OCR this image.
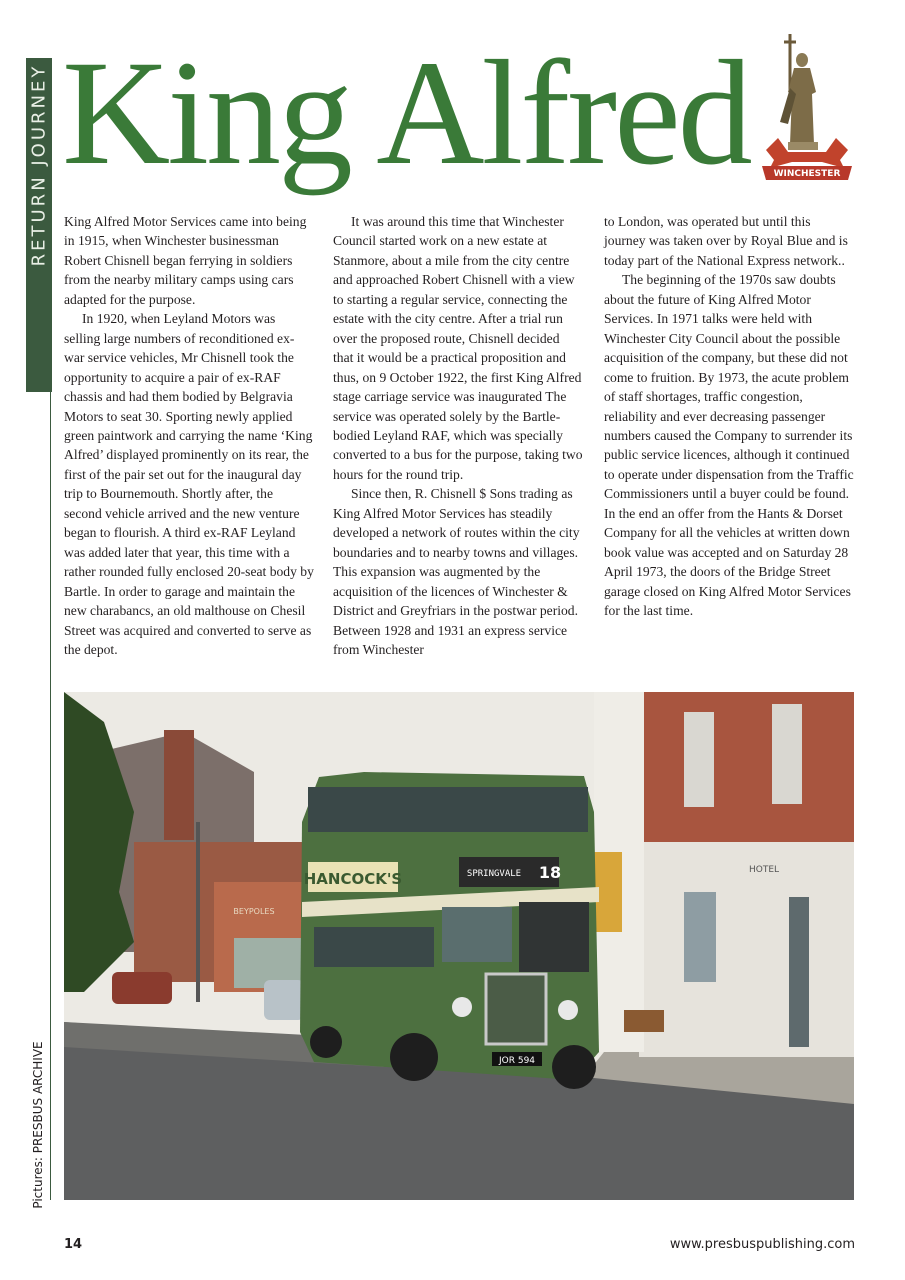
RETURN JOURNEY King Alfred	WINCHESTER

King Alfred Motor Services came into being in 1915, when Winchester businessman Robert Chisnell began ferrying in soldiers from the nearby military camps using cars adapted for the purpose.

In 1920, when Leyland Motors was selling large numbers of reconditioned ex-war service vehicles, Mr Chisnell took the opportunity to acquire a pair of ex-RAF chassis and had them bodied by Belgravia Motors to seat 30. Sporting newly applied green paintwork and carrying the name ‘King Alfred’ displayed prominently on its rear, the first of the pair set out for the inaugural day trip to Bournemouth. Shortly after, the second vehicle arrived and the new venture began to flourish. A third ex-RAF Leyland was added later that year, this time with a rather rounded fully enclosed 20-seat body by Bartle. In order to garage and maintain the new charabancs, an old malthouse on Chesil Street was acquired and converted to serve as the depot.

It was around this time that Winchester Council started work on a new estate at Stanmore, about a mile from the city centre and approached Robert Chisnell with a view to starting a regular service, connecting the estate with the city centre. After a trial run over the proposed route, Chisnell decided that it would be a practical proposition and thus, on 9 October 1922, the first King Alfred stage carriage service was inaugurated The service was operated solely by the Bartle-bodied Leyland RAF, which was specially converted to a bus for the purpose, taking two hours for the round trip.

Since then, R. Chisnell $ Sons trading as King Alfred Motor Services has steadily developed a network of routes within the city boundaries and to nearby towns and villages. This expansion was augmented by the acquisition of the licences of Winchester & District and Greyfriars in the postwar period. Between 1928 and 1931 an express service from Winchester

to London, was operated but until this journey was taken over by Royal Blue and is today part of the National Express network..

The beginning of the 1970s saw doubts about the future of King Alfred Motor Services. In 1971 talks were held with Winchester City Council about the possible acquisition of the company, but these did not come to fruition. By 1973, the acute problem of staff shortages, traffic congestion, reliability and ever decreasing passenger numbers caused the Company to surrender its public service licences, although it continued to operate under dispensation from the Traffic Commissioners until a buyer could be found. In the end an offer from the Hants & Dorset Company for all the vehicles at written down book value was accepted and on Saturday 28 April 1973, the doors of the Bridge Street garage closed on King Alfred Motor Services for the last time.

BEYPOLES
HOTEL
HANCOCK'S	SPRINGVALE 18
JOR 594
Pictures: PRESBUS ARCHIVE
14	www.presbuspublishing.com
